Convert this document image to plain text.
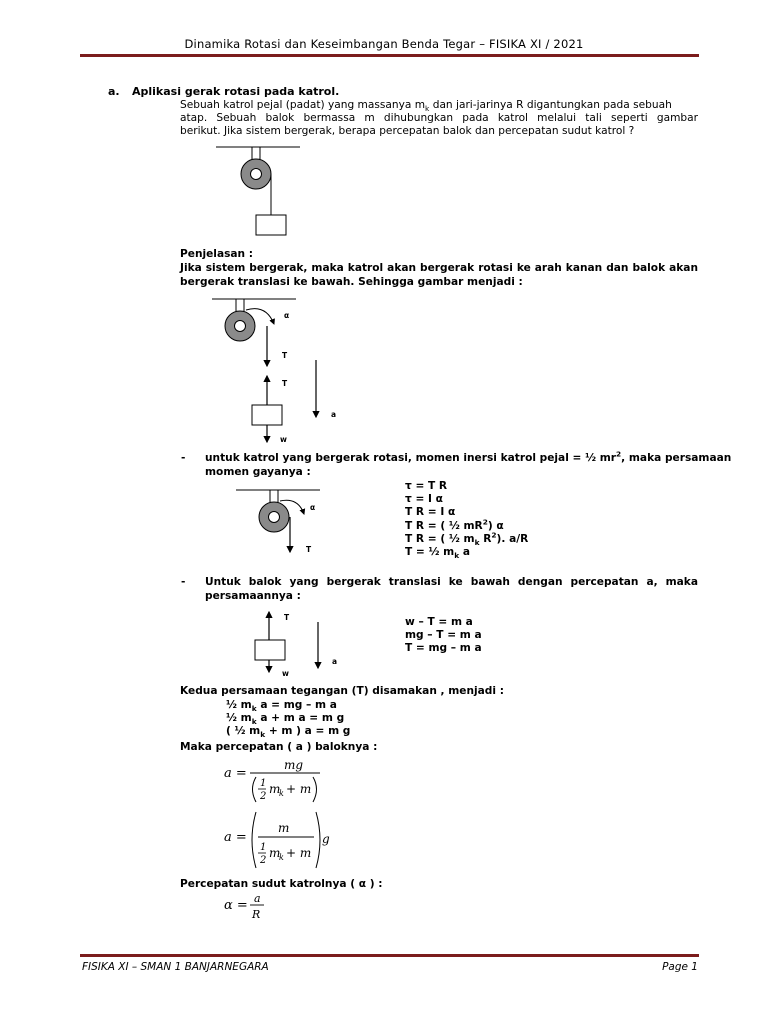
Dinamika Rotasi dan Keseimbangan Benda Tegar – FISIKA XI / 2021
a. Aplikasi gerak rotasi pada katrol.
Sebuah katrol pejal (padat) yang massanya $m_k$ dan jari-jarinya R digantungkan pada sebuah
atap. Sebuah balok bermassa m dihubungkan pada katrol melalui tali seperti gambar
berikut. Jika sistem bergerak, berapa percepatan balok dan percepatan sudut katrol ?
Penjelasan :
Jika sistem bergerak, maka katrol akan bergerak rotasi ke arah kanan dan balok akan
bergerak translasi ke bawah. Sehingga gambar menjadi :
α
T
T
w
a
- untuk katrol yang bergerak rotasi, momen inersi katrol pejal = ½ $mr^2$, maka persamaan
momen gayanya :
α
T
τ = T R
τ = I α
T R = I α
T R = ( ½ $mR^2$) α
T R = ( ½ $m_k$ $R^2$). a/R
T = ½ $m_k$ a
- Untuk balok yang bergerak translasi ke bawah dengan percepatan a, maka
persamaannya :
T
w
a
w – T = m a
mg – T = m a
T = mg – m a
Kedua persamaan tegangan (T) disamakan , menjadi :
½ $m_k$ a = mg – m a
½ $m_k$ a + m a = m g
( ½ $m_k + m$ ) a = m g
Maka percepatan ( a ) baloknya :
a =
mg
1
2
m
k + m
a =
m
1
2
m
k + m
g
Percepatan sudut katrolnya ( α ) :
α = a
R
FISIKA XI – SMAN 1 BANJARNEGARA	Page 1
